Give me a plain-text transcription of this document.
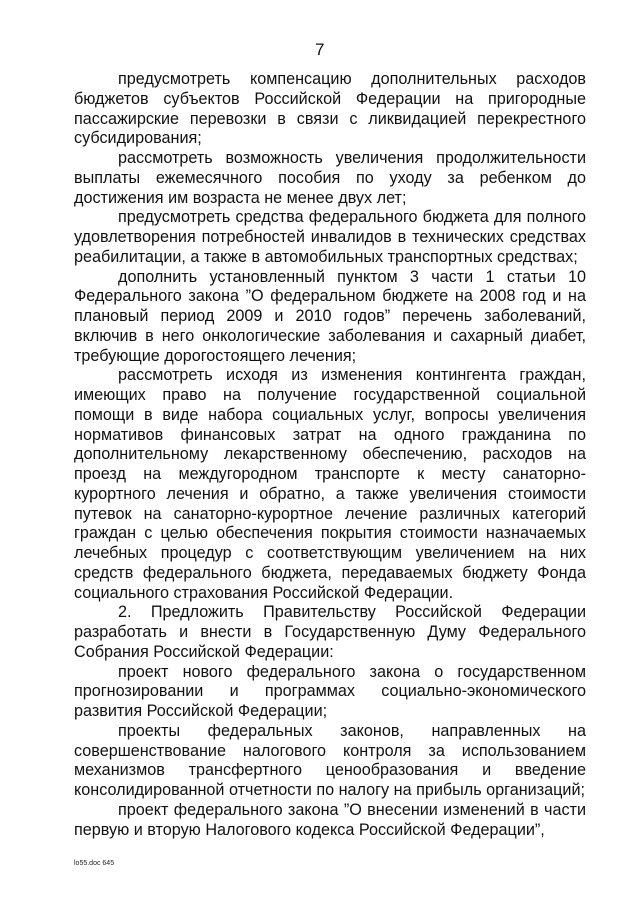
7

предусмотреть компенсацию дополнительных расходов бюджетов субъектов Российской Федерации на пригородные пассажирские перевозки в связи с ликвидацией перекрестного субсидирования;

рассмотреть возможность увеличения продолжительности выплаты ежемесячного пособия по уходу за ребенком до достижения им возраста не менее двух лет;

предусмотреть средства федерального бюджета для полного удовлетворения потребностей инвалидов в технических средствах реабилитации, а также в автомобильных транспортных средствах;

дополнить установленный пунктом 3 части 1 статьи 10 Федерального закона ”О федеральном бюджете на 2008 год и на плановый период 2009 и 2010 годов” перечень заболеваний, включив в него онкологические заболевания и сахарный диабет, требующие дорогостоящего лечения;

рассмотреть исходя из изменения контингента граждан, имеющих право на получение государственной социальной помощи в виде набора социальных услуг, вопросы увеличения нормативов финансовых затрат на одного гражданина по дополнительному лекарственному обеспечению, расходов на проезд на междугородном транспорте к месту санаторно-курортного лечения и обратно, а также увеличения стоимости путевок на санаторно-курортное лечение различных категорий граждан с целью обеспечения покрытия стоимости назначаемых лечебных процедур с соответствующим увеличением на них средств федерального бюджета, передаваемых бюджету Фонда социального страхования Российской Федерации.

2. Предложить Правительству Российской Федерации разработать и внести в Государственную Думу Федерального Собрания Российской Федерации:

проект нового федерального закона о государственном прогнозировании и программах социально-экономического развития Российской Федерации;

проекты федеральных законов, направленных на совершенствование налогового контроля за использованием механизмов трансфертного ценообразования и введение консолидированной отчетности по налогу на прибыль организаций;

проект федерального закона ”О внесении изменений в части первую и вторую Налогового кодекса Российской Федерации”,

lo55.doc 645
